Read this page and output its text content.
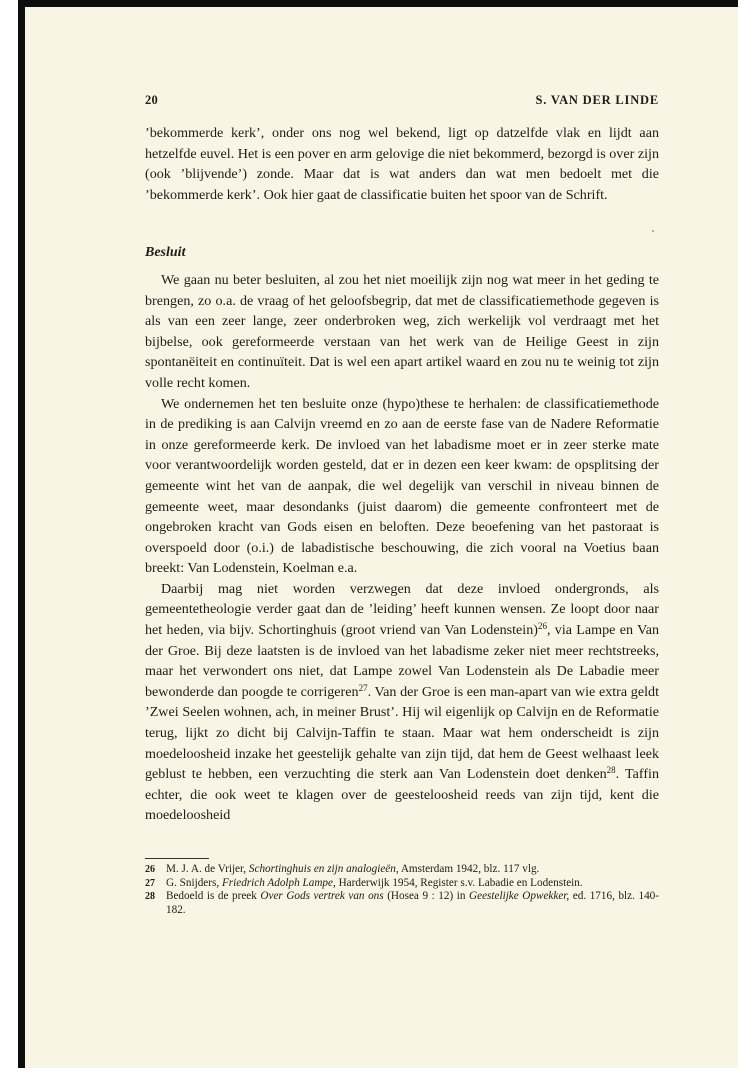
20	S. VAN DER LINDE

’bekommerde kerk’, onder ons nog wel bekend, ligt op datzelfde vlak en lijdt aan hetzelfde euvel. Het is een pover en arm gelovige die niet bekommerd, bezorgd is over zijn (ook ’blijvende’) zonde. Maar dat is wat anders dan wat men bedoelt met die ’bekommerde kerk’. Ook hier gaat de classificatie buiten het spoor van de Schrift.

Besluit

We gaan nu beter besluiten, al zou het niet moeilijk zijn nog wat meer in het geding te brengen, zo o.a. de vraag of het geloofsbegrip, dat met de classificatiemethode gegeven is als van een zeer lange, zeer onderbroken weg, zich werkelijk vol verdraagt met het bijbelse, ook gereformeerde verstaan van het werk van de Heilige Geest in zijn spontanëiteit en continuïteit. Dat is wel een apart artikel waard en zou nu te weinig tot zijn volle recht komen.

We ondernemen het ten besluite onze (hypo)these te herhalen: de classificatiemethode in de prediking is aan Calvijn vreemd en zo aan de eerste fase van de Nadere Reformatie in onze gereformeerde kerk. De invloed van het labadisme moet er in zeer sterke mate voor verantwoordelijk worden gesteld, dat er in dezen een keer kwam: de opsplitsing der gemeente wint het van de aanpak, die wel degelijk van verschil in niveau binnen de gemeente weet, maar desondanks (juist daarom) die gemeente confronteert met de ongebroken kracht van Gods eisen en beloften. Deze beoefening van het pastoraat is overspoeld door (o.i.) de labadistische beschouwing, die zich vooral na Voetius baan breekt: Van Lodenstein, Koelman e.a.

Daarbij mag niet worden verzwegen dat deze invloed ondergronds, als gemeentetheologie verder gaat dan de ’leiding’ heeft kunnen wensen. Ze loopt door naar het heden, via bijv. Schortinghuis (groot vriend van Van Lodenstein)$^{26}$, via Lampe en Van der Groe. Bij deze laatsten is de invloed van het labadisme zeker niet meer rechtstreeks, maar het verwondert ons niet, dat Lampe zowel Van Lodenstein als De Labadie meer bewonderde dan poogde te corrigeren$^{27}$. Van der Groe is een man-apart van wie extra geldt ’Zwei Seelen wohnen, ach, in meiner Brust’. Hij wil eigenlijk op Calvijn en de Reformatie terug, lijkt zo dicht bij Calvijn-Taffin te staan. Maar wat hem onderscheidt is zijn moedeloosheid inzake het geestelijk gehalte van zijn tijd, dat hem de Geest welhaast leek geblust te hebben, een verzuchting die sterk aan Van Lodenstein doet denken$^{28}$. Taffin echter, die ook weet te klagen over de geesteloosheid reeds van zijn tijd, kent die moedeloosheid

26 M. J. A. de Vrijer, Schortinghuis en zijn analogieën, Amsterdam 1942, blz. 117 vlg.
27 G. Snijders, Friedrich Adolph Lampe, Harderwijk 1954, Register s.v. Labadie en Lodenstein.
28 Bedoeld is de preek Over Gods vertrek van ons (Hosea 9 : 12) in Geestelijke Opwekker, ed. 1716, blz. 140-182.
